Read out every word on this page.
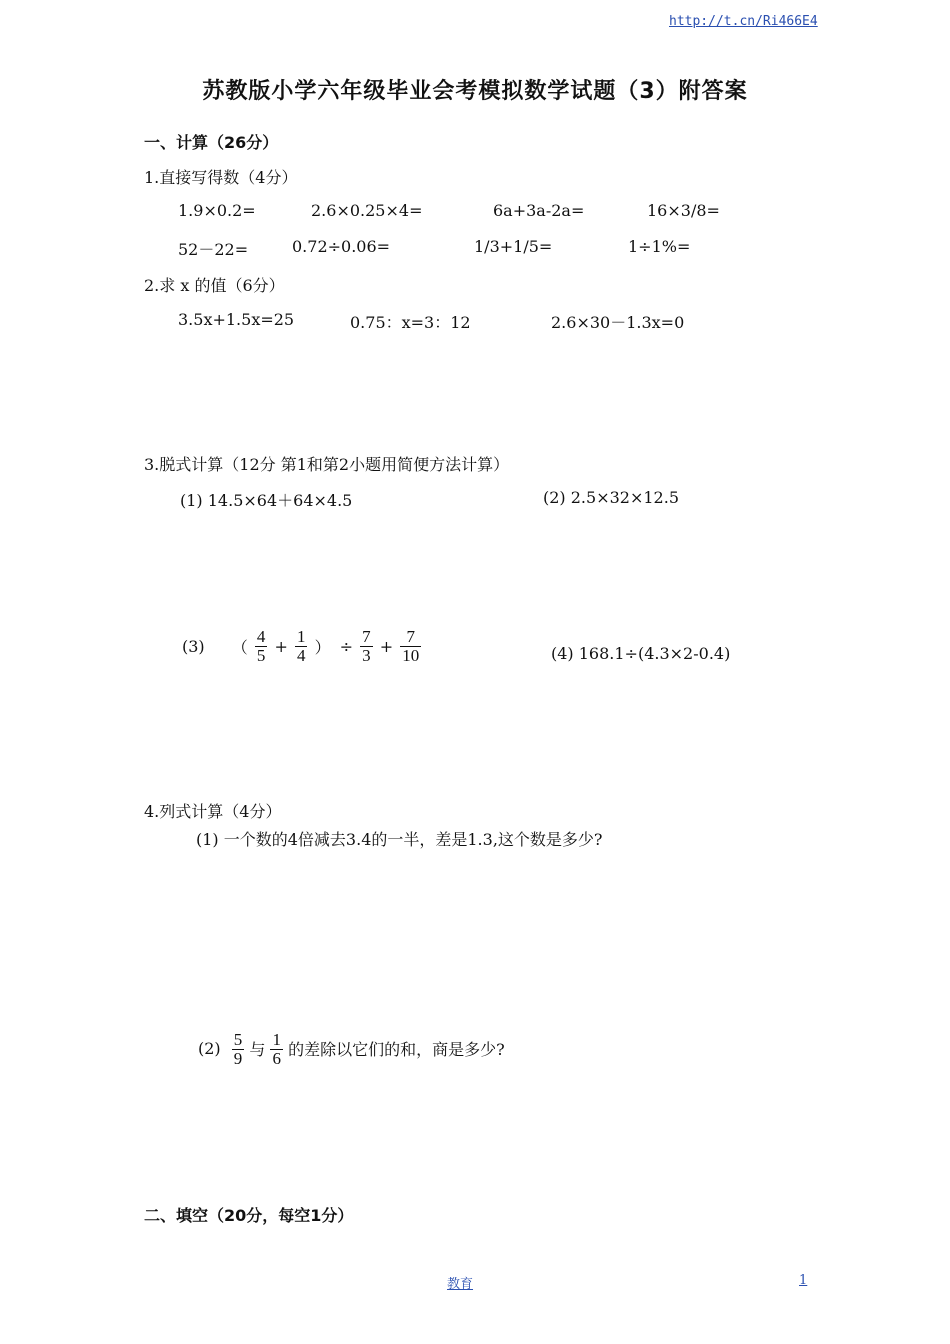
http://t.cn/Ri466E4
苏教版小学六年级毕业会考模拟数学试题（3）附答案
一、计算（26分）
1.直接写得数（4分）
1.9×0.2=	2.6×0.25×4=	6a+3a-2a=	16×3/8=
52－22=	0.72÷0.06=	1/3+1/5=	1÷1%=
2.求 x 的值（6分）
3.5x+1.5x=25	0.75：x=3：12	2.6×30－1.3x=0
3.脱式计算（12分 第1和第2小题用简便方法计算）
(1) 14.5×64＋64×4.5	(2) 2.5×32×12.5
(3) （ $\frac{4}{5} + \frac{1}{4}$ ） ÷ $\frac{7}{3} + \frac{7}{10}$	(4) 168.1÷(4.3×2-0.4)
4.列式计算（4分）
(1) 一个数的4倍减去3.4的一半，差是1.3,这个数是多少?
$(2) \frac{5}{9}$ 与 $\frac{1}{6}$ 的差除以它们的和，商是多少?
二、填空（20分，每空1分）
教育	1
